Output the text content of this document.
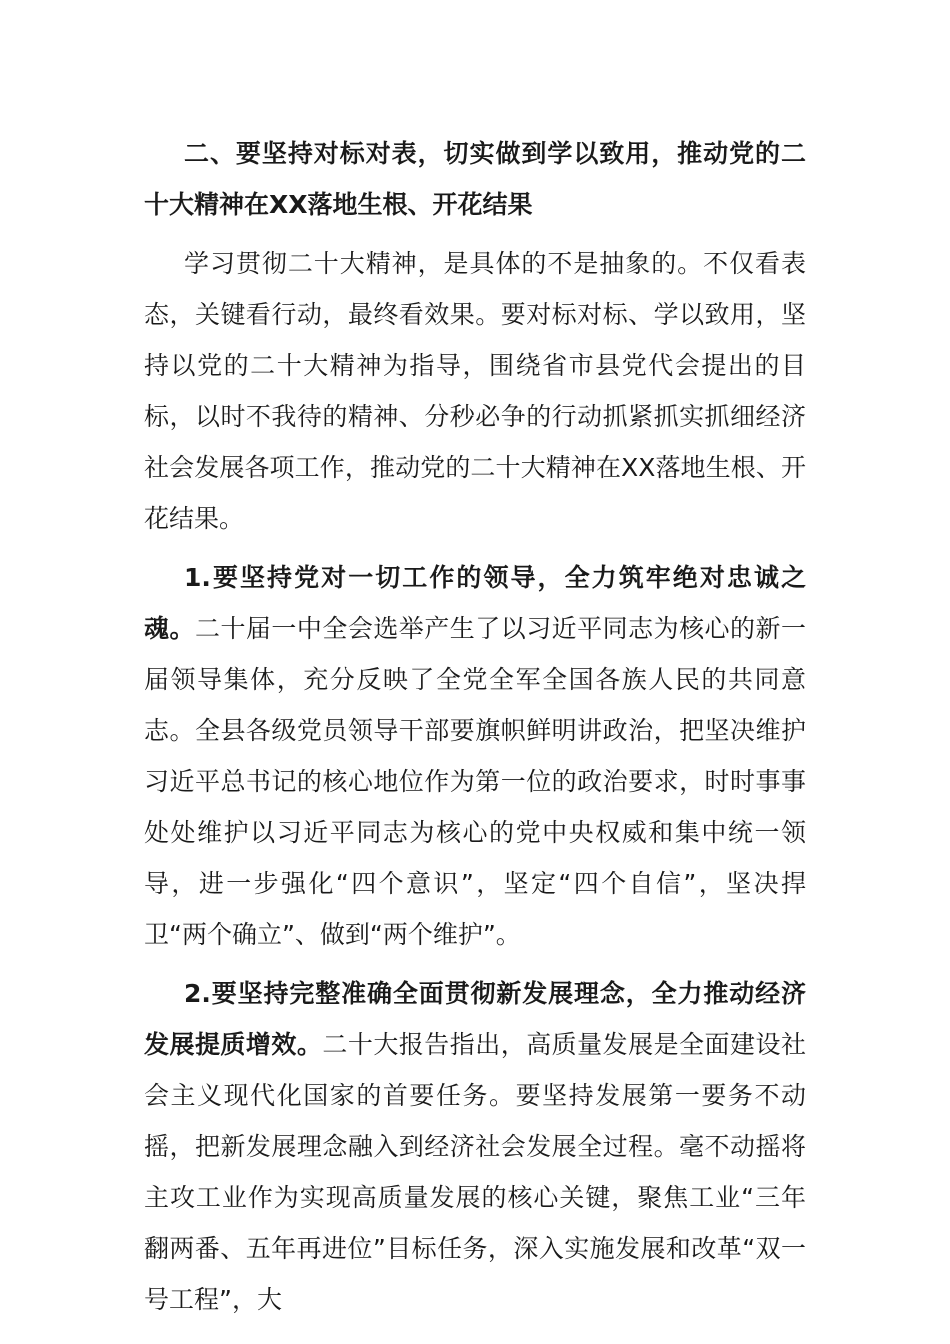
二、要坚持对标对表，切实做到学以致用，推动党的二十大精神在XX落地生根、开花结果

学习贯彻二十大精神，是具体的不是抽象的。不仅看表态，关键看行动，最终看效果。要对标对标、学以致用，坚持以党的二十大精神为指导，围绕省市县党代会提出的目标，以时不我待的精神、分秒必争的行动抓紧抓实抓细经济社会发展各项工作，推动党的二十大精神在XX落地生根、开花结果。

1.要坚持党对一切工作的领导，全力筑牢绝对忠诚之魂。二十届一中全会选举产生了以习近平同志为核心的新一届领导集体，充分反映了全党全军全国各族人民的共同意志。全县各级党员领导干部要旗帜鲜明讲政治，把坚决维护习近平总书记的核心地位作为第一位的政治要求，时时事事处处维护以习近平同志为核心的党中央权威和集中统一领导，进一步强化“四个意识”，坚定“四个自信”，坚决捍卫“两个确立”、做到“两个维护”。

2.要坚持完整准确全面贯彻新发展理念，全力推动经济发展提质增效。二十大报告指出，高质量发展是全面建设社会主义现代化国家的首要任务。要坚持发展第一要务不动摇，把新发展理念融入到经济社会发展全过程。毫不动摇将主攻工业作为实现高质量发展的核心关键，聚焦工业“三年翻两番、五年再进位”目标任务，深入实施发展和改革“双一号工程”，大
